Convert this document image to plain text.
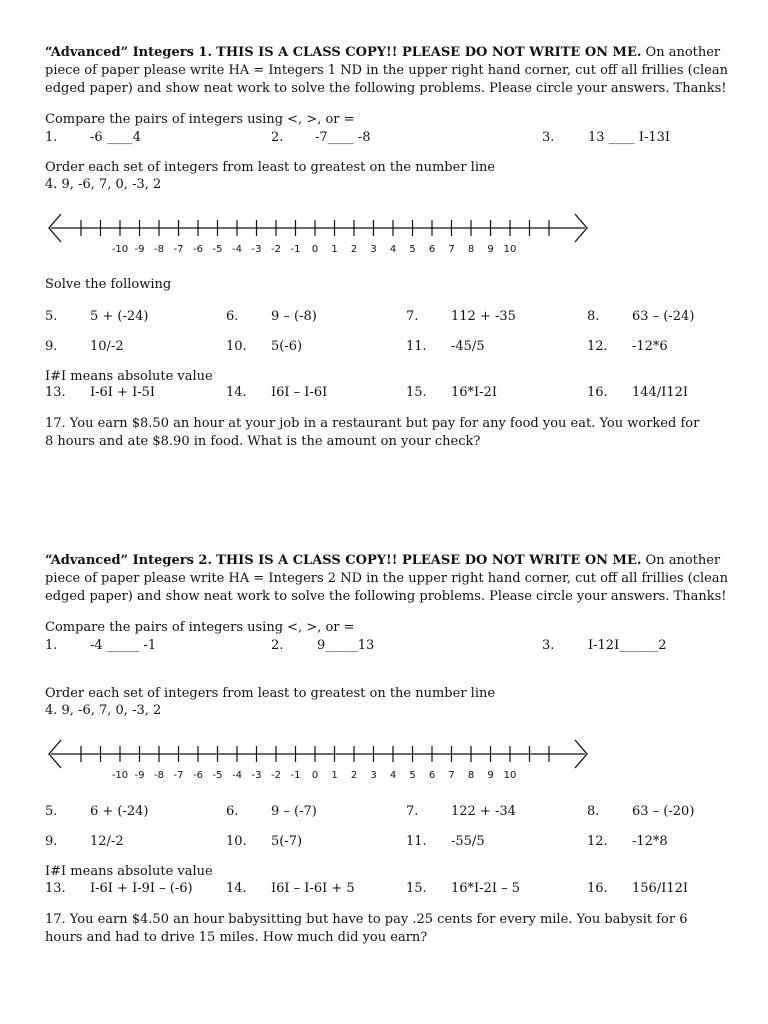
“Advanced” Integers 1. THIS IS A CLASS COPY!! PLEASE DO NOT WRITE ON ME. On another piece of paper please write HA = Integers 1 ND in the upper right hand corner, cut off all frillies (clean edged paper) and show neat work to solve the following problems. Please circle your answers. Thanks!
Compare the pairs of integers using <, >, or =
1.	-6 ____4	2. -7____ -8	3.	13 ____ I-13I
Order each set of integers from least to greatest on the number line
4. 9, -6, 7, 0, -3, 2
-10 -9 -8 -7 -6 -5 -4 -3 -2 -1 0 1 2 3 4 5 6 7 8 9 10
Solve the following
5.	5 + (-24)	6.	9 – (-8)	7.	112 + -35	8.	63 – (-24)
9.	10/-2	10. 5(-6)	11. -45/5	12. -12*6
I#I means absolute value
13. I-6I + I-5I	14. I6I – I-6I	15. 16*I-2I	16. 144/I12I
17. You earn $8.50 an hour at your job in a restaurant but pay for any food you eat. You worked for 8 hours and ate $8.90 in food. What is the amount on your check?
“Advanced” Integers 2. THIS IS A CLASS COPY!! PLEASE DO NOT WRITE ON ME. On another piece of paper please write HA = Integers 2 ND in the upper right hand corner, cut off all frillies (clean edged paper) and show neat work to solve the following problems. Please circle your answers. Thanks!
Compare the pairs of integers using <, >, or =
1.	-4 _____ -1	2.	9_____13	3.	I-12I______2
Order each set of integers from least to greatest on the number line
4. 9, -6, 7, 0, -3, 2
-10 -9 -8 -7 -6 -5 -4 -3 -2 -1 0 1 2 3 4 5 6 7 8 9 10
5.	6 + (-24)	6.	9 – (-7)	7.	122 + -34	8.	63 – (-20)
9.	12/-2	10. 5(-7)	11. -55/5	12. -12*8
I#I means absolute value
13. I-6I + I-9I – (-6)	14. I6I – I-6I + 5	15. 16*I-2I – 5	16. 156/I12I
17. You earn $4.50 an hour babysitting but have to pay .25 cents for every mile. You babysit for 6 hours and had to drive 15 miles. How much did you earn?
